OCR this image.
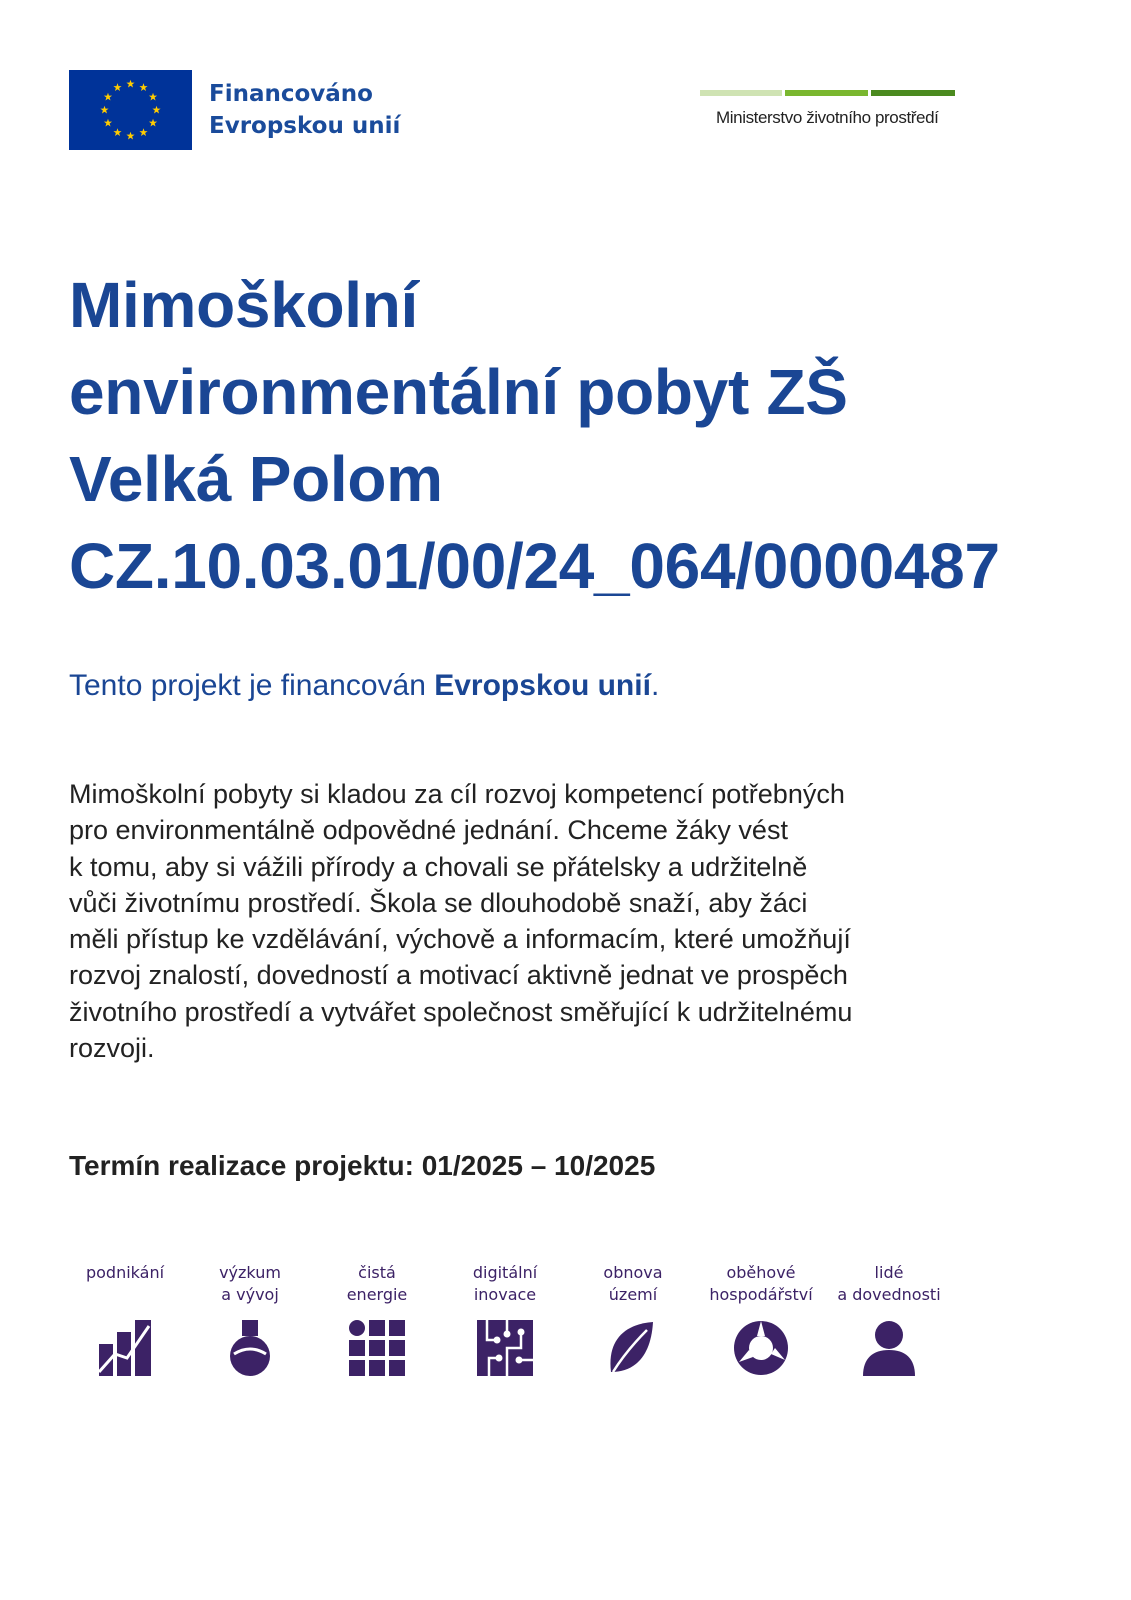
Financováno
Evropskou unií	Ministerstvo životního prostředí
Mimoškolní
environmentální pobyt ZŠ
Velká Polom
CZ.10.03.01/00/24_064/0000487
Tento projekt je financován Evropskou unií.
Mimoškolní pobyty si kladou za cíl rozvoj kompetencí potřebných
pro environmentálně odpovědné jednání. Chceme žáky vést
k tomu, aby si vážili přírody a chovali se přátelsky a udržitelně
vůči životnímu prostředí. Škola se dlouhodobě snaží, aby žáci
měli přístup ke vzdělávání, výchově a informacím, které umožňují
rozvoj znalostí, dovedností a motivací aktivně jednat ve prospěch
životního prostředí a vytvářet společnost směřující k udržitelnému
rozvoji.
Termín realizace projektu: 01/2025 – 10/2025
podnikání	výzkum
a vývoj
čistá
energie
digitální
inovace
obnova
území
oběhové
hospodářství
lidé
a dovednosti
